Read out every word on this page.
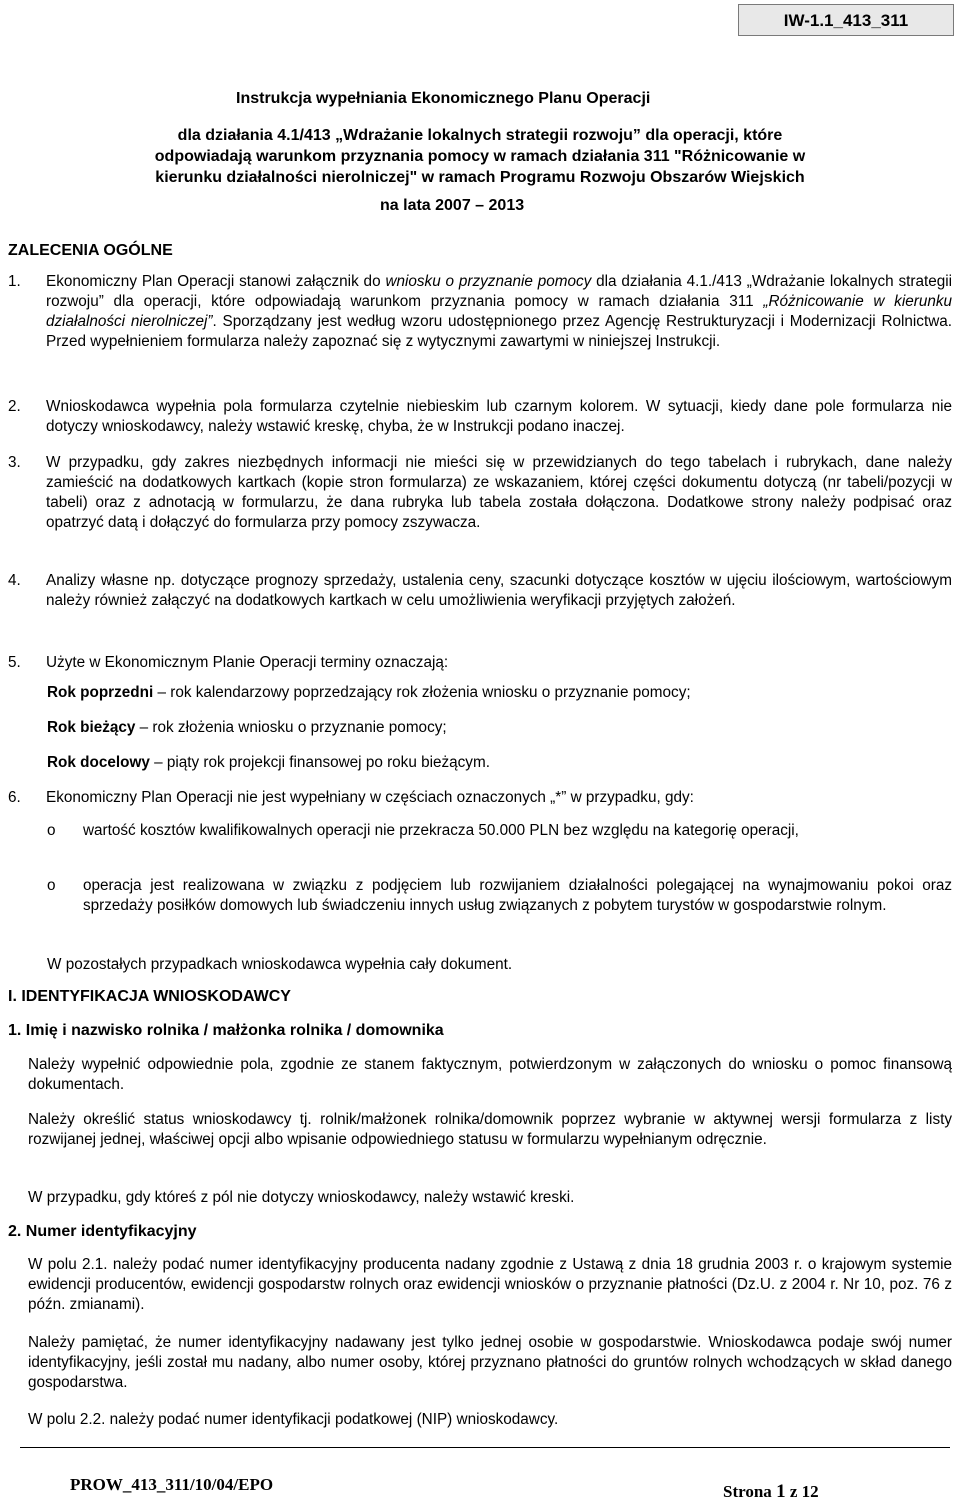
IW-1.1_413_311
Instrukcja wypełniania Ekonomicznego Planu Operacji
dla działania 4.1/413 „Wdrażanie lokalnych strategii rozwoju” dla operacji, które
odpowiadają warunkom przyznania pomocy w ramach działania 311 "Różnicowanie w
kierunku działalności nierolniczej" w ramach Programu Rozwoju Obszarów Wiejskich
na lata 2007 – 2013
ZALECENIA OGÓLNE
1. Ekonomiczny Plan Operacji stanowi załącznik do wniosku o przyznanie pomocy dla działania 4.1./413 „Wdrażanie lokalnych strategii rozwoju” dla operacji, które odpowiadają warunkom przyznania pomocy w ramach działania 311 „Różnicowanie w kierunku działalności nierolniczej”. Sporządzany jest według wzoru udostępnionego przez Agencję Restrukturyzacji i Modernizacji Rolnictwa. Przed wypełnieniem formularza należy zapoznać się z wytycznymi zawartymi w niniejszej Instrukcji.
2. Wnioskodawca wypełnia pola formularza czytelnie niebieskim lub czarnym kolorem. W sytuacji, kiedy dane pole formularza nie dotyczy wnioskodawcy, należy wstawić kreskę, chyba, że w Instrukcji podano inaczej.
3. W przypadku, gdy zakres niezbędnych informacji nie mieści się w przewidzianych do tego tabelach i rubrykach, dane należy zamieścić na dodatkowych kartkach (kopie stron formularza) ze wskazaniem, której części dokumentu dotyczą (nr tabeli/pozycji w tabeli) oraz z adnotacją w formularzu, że dana rubryka lub tabela została dołączona. Dodatkowe strony należy podpisać oraz opatrzyć datą i dołączyć do formularza przy pomocy zszywacza.
4. Analizy własne np. dotyczące prognozy sprzedaży, ustalenia ceny, szacunki dotyczące kosztów w ujęciu ilościowym, wartościowym należy również załączyć na dodatkowych kartkach w celu umożliwienia weryfikacji przyjętych założeń.
5. Użyte w Ekonomicznym Planie Operacji terminy oznaczają:
Rok poprzedni – rok kalendarzowy poprzedzający rok złożenia wniosku o przyznanie pomocy;
Rok bieżący – rok złożenia wniosku o przyznanie pomocy;
Rok docelowy – piąty rok projekcji finansowej po roku bieżącym.
6. Ekonomiczny Plan Operacji nie jest wypełniany w częściach oznaczonych „*” w przypadku, gdy:
o wartość kosztów kwalifikowalnych operacji nie przekracza 50.000 PLN bez względu na kategorię operacji,
o operacja jest realizowana w związku z podjęciem lub rozwijaniem działalności polegającej na wynajmowaniu pokoi oraz sprzedaży posiłków domowych lub świadczeniu innych usług związanych z pobytem turystów w gospodarstwie rolnym.
W pozostałych przypadkach wnioskodawca wypełnia cały dokument.
I. IDENTYFIKACJA WNIOSKODAWCY
1. Imię i nazwisko rolnika / małżonka rolnika / domownika
Należy wypełnić odpowiednie pola, zgodnie ze stanem faktycznym, potwierdzonym w załączonych do wniosku o pomoc finansową dokumentach.
Należy określić status wnioskodawcy tj. rolnik/małżonek rolnika/domownik poprzez wybranie w aktywnej wersji formularza z listy rozwijanej jednej, właściwej opcji albo wpisanie odpowiedniego statusu w formularzu wypełnianym odręcznie.
W przypadku, gdy któreś z pól nie dotyczy wnioskodawcy, należy wstawić kreski.
2. Numer identyfikacyjny
W polu 2.1. należy podać numer identyfikacyjny producenta nadany zgodnie z Ustawą z dnia 18 grudnia 2003 r. o krajowym systemie ewidencji producentów, ewidencji gospodarstw rolnych oraz ewidencji wniosków o przyznanie płatności (Dz.U. z 2004 r. Nr 10, poz. 76 z późn. zmianami).
Należy pamiętać, że numer identyfikacyjny nadawany jest tylko jednej osobie w gospodarstwie. Wnioskodawca podaje swój numer identyfikacyjny, jeśli został mu nadany, albo numer osoby, której przyznano płatności do gruntów rolnych wchodzących w skład danego gospodarstwa.
W polu 2.2. należy podać numer identyfikacji podatkowej (NIP) wnioskodawcy.
PROW_413_311/10/04/EPO	Strona 1 z 12
